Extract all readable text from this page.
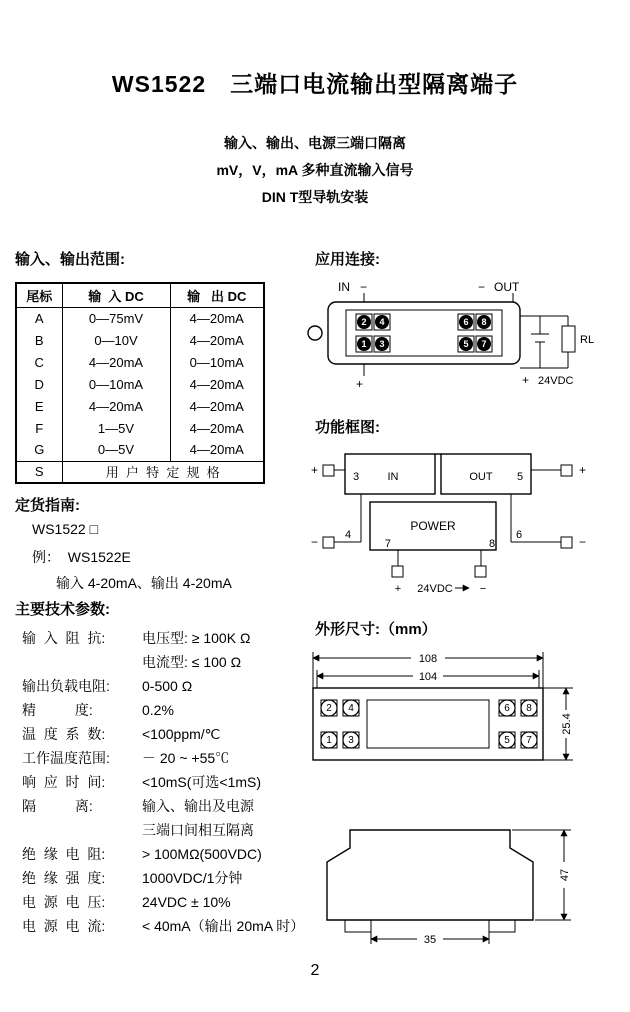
WS1522　三端口电流输出型隔离端子
输入、输出、电源三端口隔离
mV，V，mA 多种直流输入信号
DIN T型导轨安装
输入、输出范围:
尾标	输  入 DC	输   出 DC
A	0—75mV	4—20mA
B	0—10V	4—20mA
C	4—20mA	0—10mA
D	0—10mA	4—20mA
E	4—20mA	4—20mA
F	1—5V	4—20mA
G	0—5V	4—20mA
S	用  户  特  定  规  格	
定货指南:
WS1522 □
例：  WS1522E
输入 4-20mA、输出 4-20mA
主要技术参数:
输  入  阻  抗:	电压型: ≥ 100K Ω
电流型: ≤ 100 Ω
输出负载电阻:	0-500 Ω
精          度:	0.2%
温  度  系  数:	<100ppm/℃
工作温度范围:	－ 20 ~ +55℃
响  应  时  间:	<10mS(可选<1mS)
隔          离:	输入、输出及电源
三端口间相互隔离
绝  缘  电  阻:	> 100MΩ(500VDC)
绝  缘  强  度:	1000VDC/1分钟
电  源  电  压:	24VDC ± 10%
电  源  电  流:	< 40mA（输出 20mA 时）
应用连接:
IN −	− OUT
2 4
1 3
6 8
5 7	RL
+	+ 24VDC
功能框图:
+	3	IN	OUT 5	+
− 4	−
6
POWER
7	8
+ 24VDC −
外形尺寸:（mm）
108
104
2 4
1 3
6 8
5 7
25.4
35
47
2
